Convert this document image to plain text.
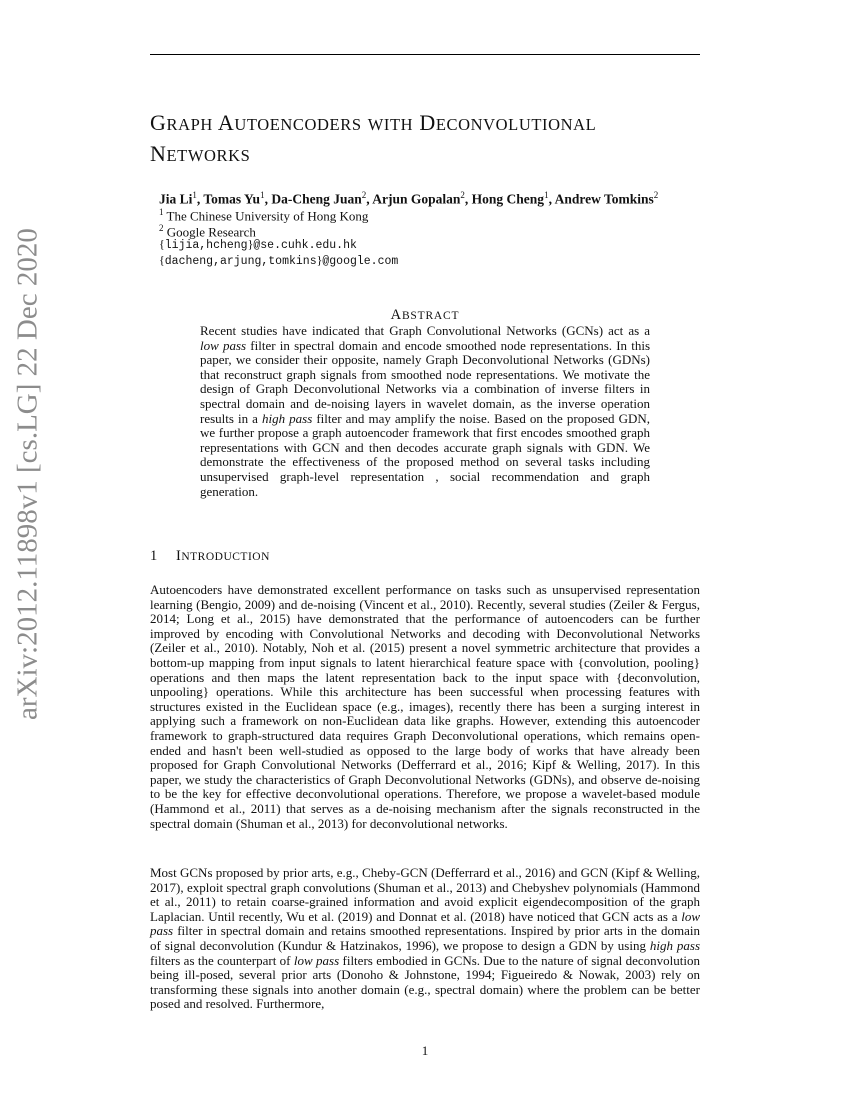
arXiv:2012.11898v1 [cs.LG] 22 Dec 2020
GRAPH AUTOENCODERS WITH DECONVOLUTIONAL
NETWORKS
Jia Li$^1$, Tomas Yu$^1$, Da-Cheng Juan$^2$, Arjun Gopalan$^2$, Hong Cheng$^1$, Andrew Tomkins$^2$
$^1$ The Chinese University of Hong Kong
$^2$ Google Research
{lijia,hcheng}@se.cuhk.edu.hk
{dacheng,arjung,tomkins}@google.com
ABSTRACT

Recent studies have indicated that Graph Convolutional Networks (GCNs) act as a low pass filter in spectral domain and encode smoothed node representations. In this paper, we consider their opposite, namely Graph Deconvolutional Networks (GDNs) that reconstruct graph signals from smoothed node representations. We motivate the design of Graph Deconvolutional Networks via a combination of inverse filters in spectral domain and de-noising layers in wavelet domain, as the inverse operation results in a high pass filter and may amplify the noise. Based on the proposed GDN, we further propose a graph autoencoder framework that first encodes smoothed graph representations with GCN and then decodes accurate graph signals with GDN. We demonstrate the effectiveness of the proposed method on several tasks including unsupervised graph-level representation , social recommendation and graph generation.

1 INTRODUCTION

Autoencoders have demonstrated excellent performance on tasks such as unsupervised representation learning (Bengio, 2009) and de-noising (Vincent et al., 2010). Recently, several studies (Zeiler & Fergus, 2014; Long et al., 2015) have demonstrated that the performance of autoencoders can be further improved by encoding with Convolutional Networks and decoding with Deconvolutional Networks (Zeiler et al., 2010). Notably, Noh et al. (2015) present a novel symmetric architecture that provides a bottom-up mapping from input signals to latent hierarchical feature space with {convolution, pooling} operations and then maps the latent representation back to the input space with {deconvolution, unpooling} operations. While this architecture has been successful when processing features with structures existed in the Euclidean space (e.g., images), recently there has been a surging interest in applying such a framework on non-Euclidean data like graphs. However, extending this autoencoder framework to graph-structured data requires Graph Deconvolutional operations, which remains open-ended and hasn't been well-studied as opposed to the large body of works that have already been proposed for Graph Convolutional Networks (Defferrard et al., 2016; Kipf & Welling, 2017). In this paper, we study the characteristics of Graph Deconvolutional Networks (GDNs), and observe de-noising to be the key for effective deconvolutional operations. Therefore, we propose a wavelet-based module (Hammond et al., 2011) that serves as a de-noising mechanism after the signals reconstructed in the spectral domain (Shuman et al., 2013) for deconvolutional networks.

Most GCNs proposed by prior arts, e.g., Cheby-GCN (Defferrard et al., 2016) and GCN (Kipf & Welling, 2017), exploit spectral graph convolutions (Shuman et al., 2013) and Chebyshev polynomials (Hammond et al., 2011) to retain coarse-grained information and avoid explicit eigendecomposition of the graph Laplacian. Until recently, Wu et al. (2019) and Donnat et al. (2018) have noticed that GCN acts as a low pass filter in spectral domain and retains smoothed representations. Inspired by prior arts in the domain of signal deconvolution (Kundur & Hatzinakos, 1996), we propose to design a GDN by using high pass filters as the counterpart of low pass filters embodied in GCNs. Due to the nature of signal deconvolution being ill-posed, several prior arts (Donoho & Johnstone, 1994; Figueiredo & Nowak, 2003) rely on transforming these signals into another domain (e.g., spectral domain) where the problem can be better posed and resolved. Furthermore,

1
